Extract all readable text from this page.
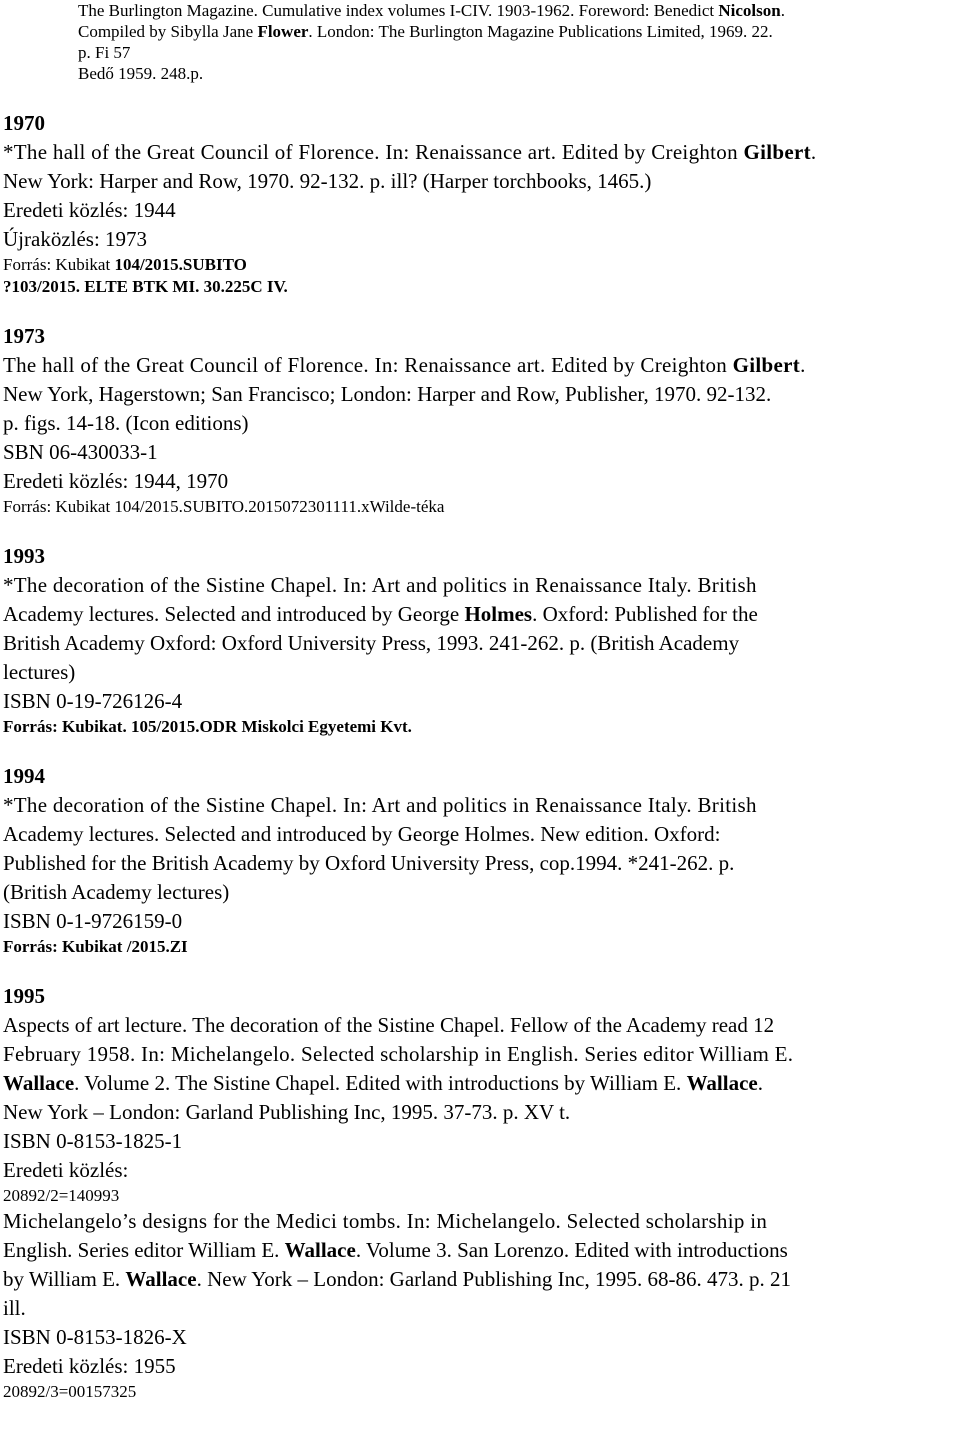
The Burlington Magazine. Cumulative index volumes I-CIV. 1903-1962. Foreword: Benedict Nicolson.
Compiled by Sibylla Jane Flower. London: The Burlington Magazine Publications Limited, 1969. 22.
p. Fi 57
Bedő 1959. 248.p.
1970
*The hall of the Great Council of Florence. In: Renaissance art. Edited by Creighton Gilbert.
New York: Harper and Row, 1970. 92-132. p. ill? (Harper torchbooks, 1465.)
Eredeti közlés: 1944
Újraközlés: 1973
Forrás: Kubikat 104/2015.SUBITO
?103/2015. ELTE BTK MI. 30.225C IV.
1973
The hall of the Great Council of Florence. In: Renaissance art. Edited by Creighton Gilbert.
New York, Hagerstown; San Francisco; London: Harper and Row, Publisher, 1970. 92-132.
p. figs. 14-18. (Icon editions)
SBN 06-430033-1
Eredeti közlés: 1944, 1970
Forrás: Kubikat 104/2015.SUBITO.2015072301111.xWilde-téka
1993
*The decoration of the Sistine Chapel. In: Art and politics in Renaissance Italy. British
Academy lectures. Selected and introduced by George Holmes. Oxford: Published for the
British Academy Oxford: Oxford University Press, 1993. 241-262. p. (British Academy
lectures)
ISBN 0-19-726126-4
Forrás: Kubikat. 105/2015.ODR Miskolci Egyetemi Kvt.
1994
*The decoration of the Sistine Chapel. In: Art and politics in Renaissance Italy. British
Academy lectures. Selected and introduced by George Holmes. New edition. Oxford:
Published for the British Academy by Oxford University Press, cop.1994. *241-262. p.
(British Academy lectures)
ISBN 0-1-9726159-0
Forrás: Kubikat /2015.ZI
1995
Aspects of art lecture. The decoration of the Sistine Chapel. Fellow of the Academy read 12
February 1958. In: Michelangelo. Selected scholarship in English. Series editor William E.
Wallace. Volume 2. The Sistine Chapel. Edited with introductions by William E. Wallace.
New York – London: Garland Publishing Inc, 1995. 37-73. p. XV t.
ISBN 0-8153-1825-1
Eredeti közlés:
20892/2=140993
Michelangelo’s designs for the Medici tombs. In: Michelangelo. Selected scholarship in
English. Series editor William E. Wallace. Volume 3. San Lorenzo. Edited with introductions
by William E. Wallace. New York – London: Garland Publishing Inc, 1995. 68-86. 473. p. 21
ill.
ISBN 0-8153-1826-X
Eredeti közlés: 1955
20892/3=00157325
